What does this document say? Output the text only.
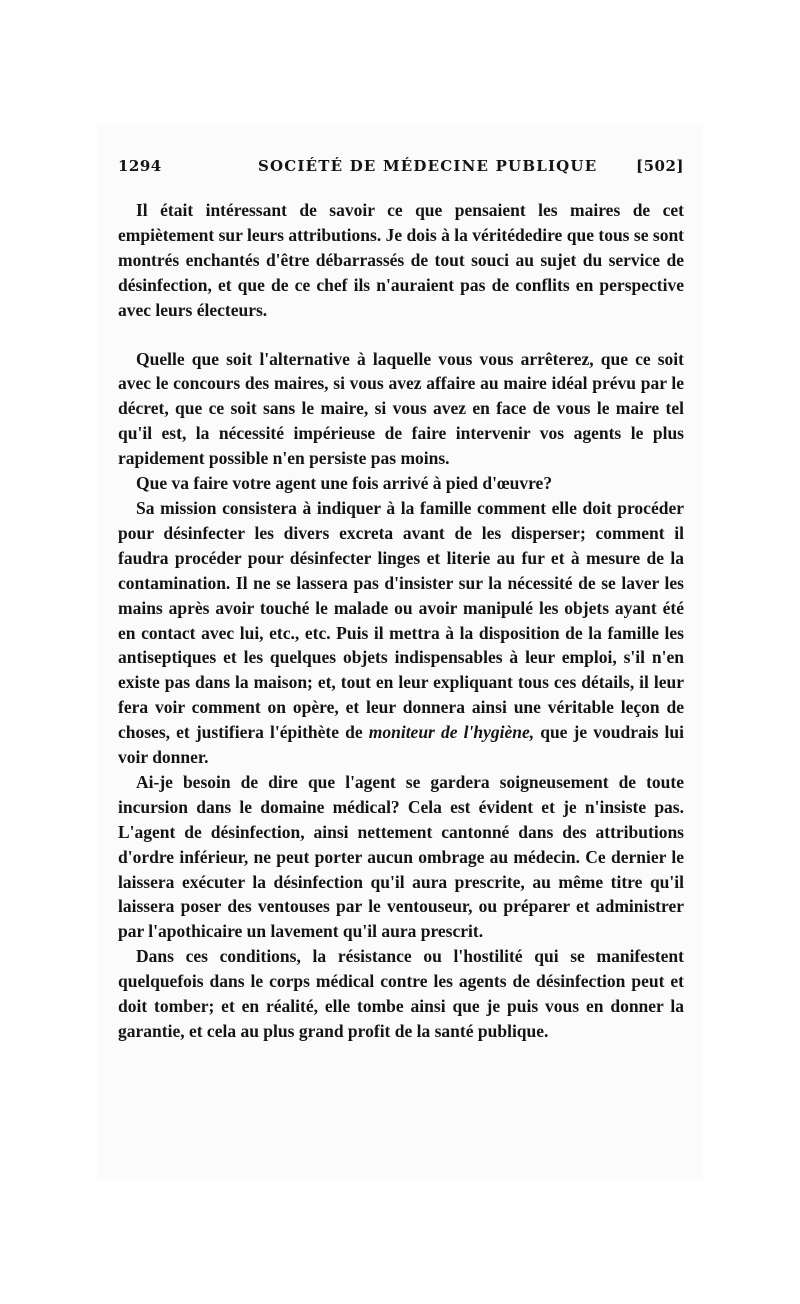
1294	SOCIÉTÉ DE MÉDECINE PUBLIQUE	[502]

Il était intéressant de savoir ce que pensaient les maires de cet empiètement sur leurs attributions. Je dois à la véritédedire que tous se sont montrés enchantés d'être débarrassés de tout souci au sujet du service de désinfection, et que de ce chef ils n'auraient pas de conflits en perspective avec leurs électeurs.

Quelle que soit l'alternative à laquelle vous vous arrêterez, que ce soit avec le concours des maires, si vous avez affaire au maire idéal prévu par le décret, que ce soit sans le maire, si vous avez en face de vous le maire tel qu'il est, la nécessité impérieuse de faire intervenir vos agents le plus rapidement possible n'en persiste pas moins.

Que va faire votre agent une fois arrivé à pied d'œuvre?

Sa mission consistera à indiquer à la famille comment elle doit procéder pour désinfecter les divers excreta avant de les disperser; comment il faudra procéder pour désinfecter linges et literie au fur et à mesure de la contamination. Il ne se lassera pas d'insister sur la nécessité de se laver les mains après avoir touché le malade ou avoir manipulé les objets ayant été en contact avec lui, etc., etc. Puis il mettra à la disposition de la famille les antiseptiques et les quelques objets indispensables à leur emploi, s'il n'en existe pas dans la maison; et, tout en leur expliquant tous ces détails, il leur fera voir comment on opère, et leur donnera ainsi une véritable leçon de choses, et justifiera l'épithète de moniteur de l'hygiène, que je voudrais lui voir donner.

Ai-je besoin de dire que l'agent se gardera soigneusement de toute incursion dans le domaine médical? Cela est évident et je n'insiste pas. L'agent de désinfection, ainsi nettement cantonné dans des attributions d'ordre inférieur, ne peut porter aucun ombrage au médecin. Ce dernier le laissera exécuter la désinfection qu'il aura prescrite, au même titre qu'il laissera poser des ventouses par le ventouseur, ou préparer et administrer par l'apothicaire un lavement qu'il aura prescrit.

Dans ces conditions, la résistance ou l'hostilité qui se manifestent quelquefois dans le corps médical contre les agents de désinfection peut et doit tomber; et en réalité, elle tombe ainsi que je puis vous en donner la garantie, et cela au plus grand profit de la santé publique.
